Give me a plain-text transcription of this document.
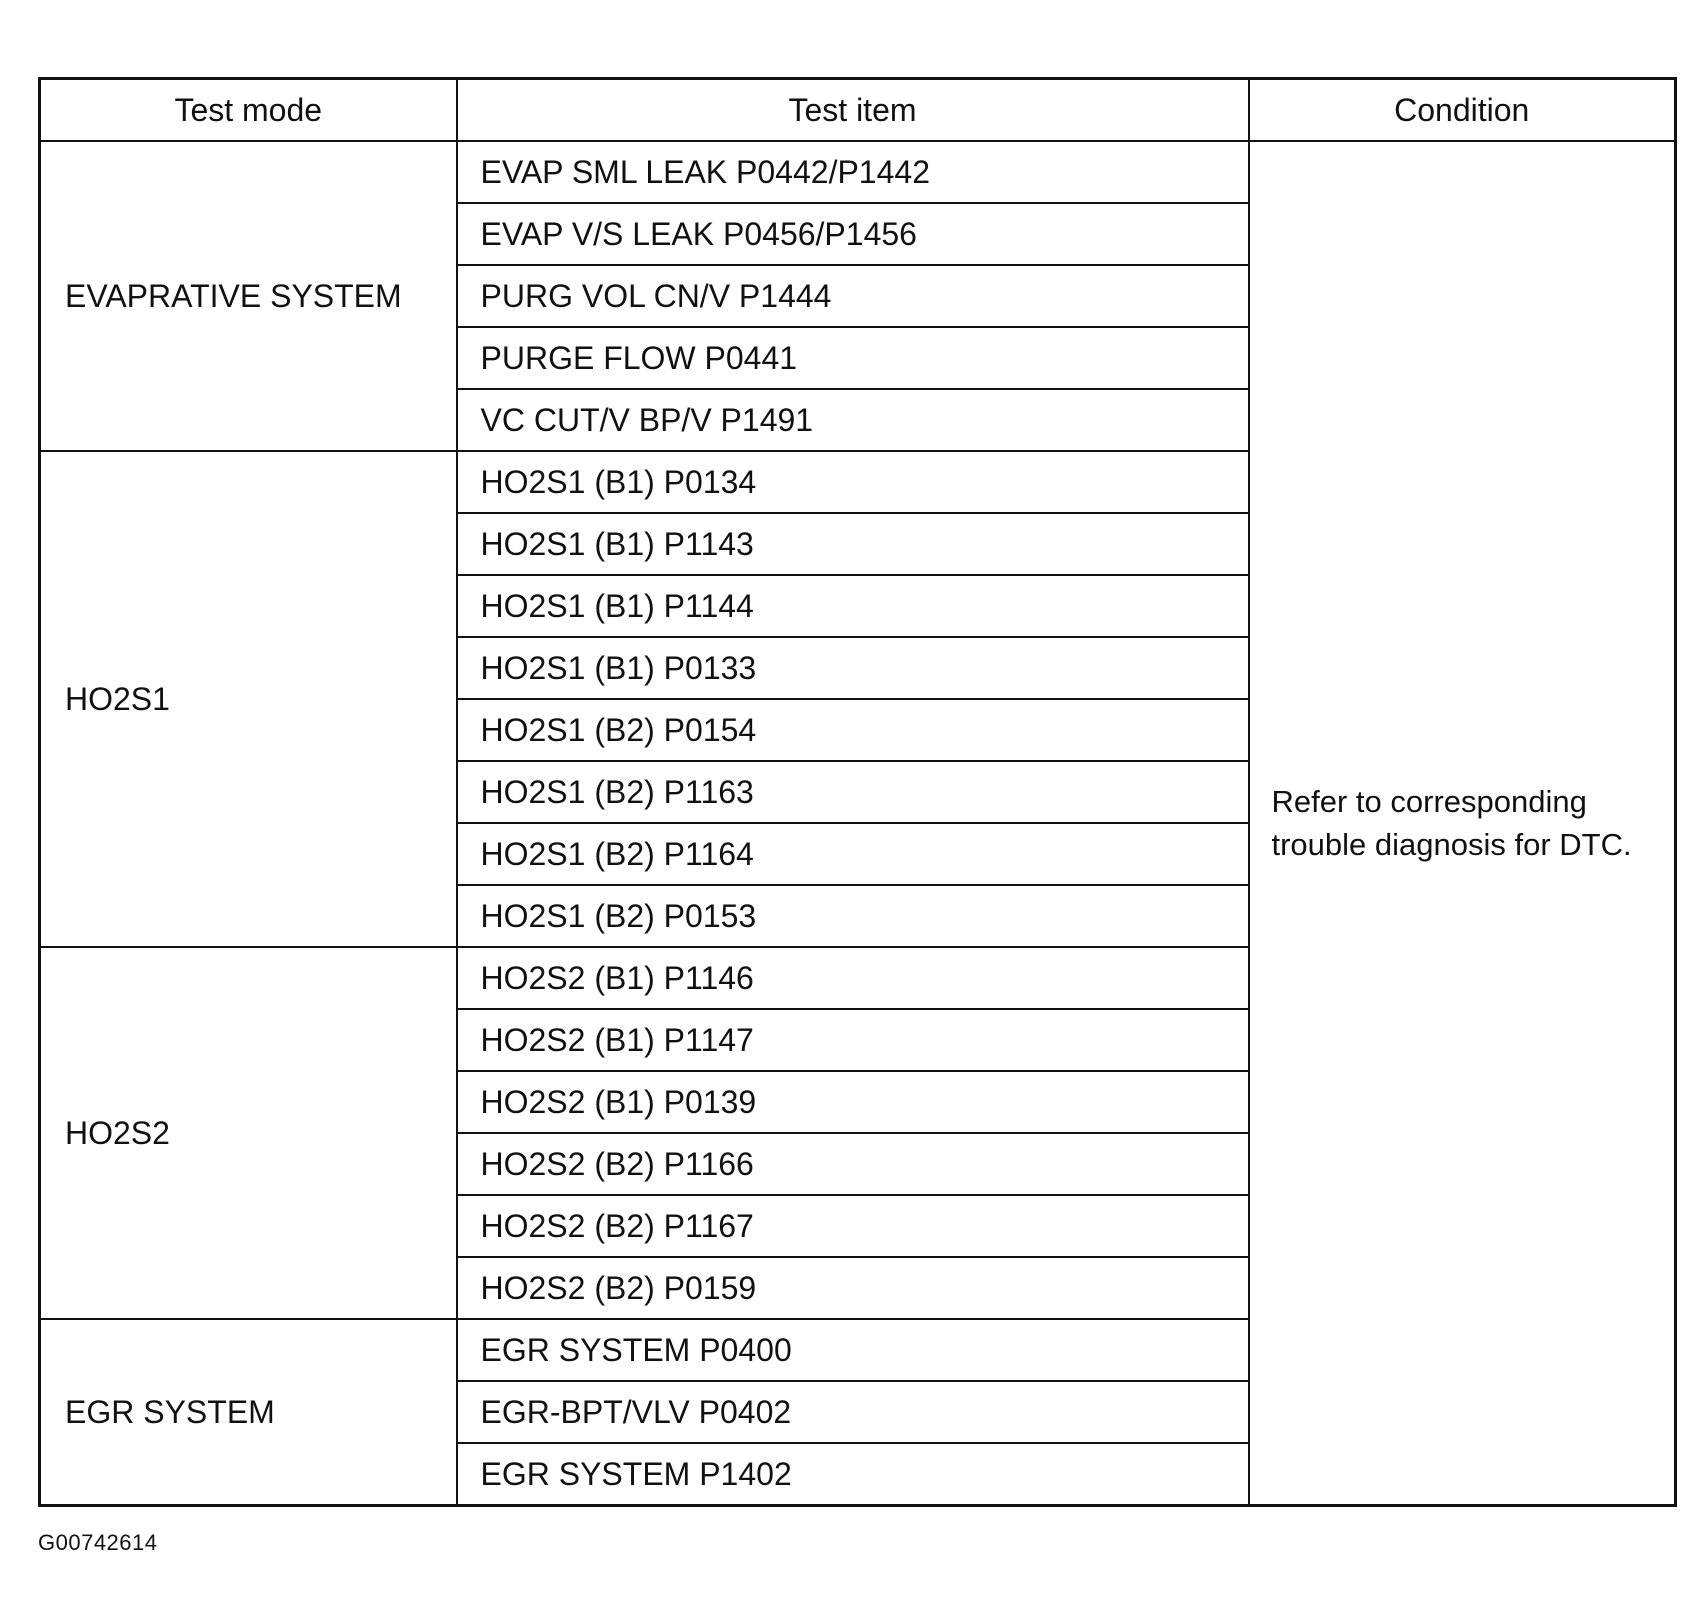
Test mode	Test item	Condition
EVAPRATIVE SYSTEM	EVAP SML LEAK P0442/P1442	Refer to corresponding trouble diagnosis for DTC.
	EVAP V/S LEAK P0456/P1456	
	PURG VOL CN/V P1444	
	PURGE FLOW P0441	
	VC CUT/V BP/V P1491	
HO2S1	HO2S1 (B1) P0134	
	HO2S1 (B1) P1143	
	HO2S1 (B1) P1144	
	HO2S1 (B1) P0133	
	HO2S1 (B2) P0154	
	HO2S1 (B2) P1163	
	HO2S1 (B2) P1164	
	HO2S1 (B2) P0153	
HO2S2	HO2S2 (B1) P1146	
	HO2S2 (B1) P1147	
	HO2S2 (B1) P0139	
	HO2S2 (B2) P1166	
	HO2S2 (B2) P1167	
	HO2S2 (B2) P0159	
EGR SYSTEM	EGR SYSTEM P0400	
	EGR-BPT/VLV P0402	
	EGR SYSTEM P1402	
G00742614
